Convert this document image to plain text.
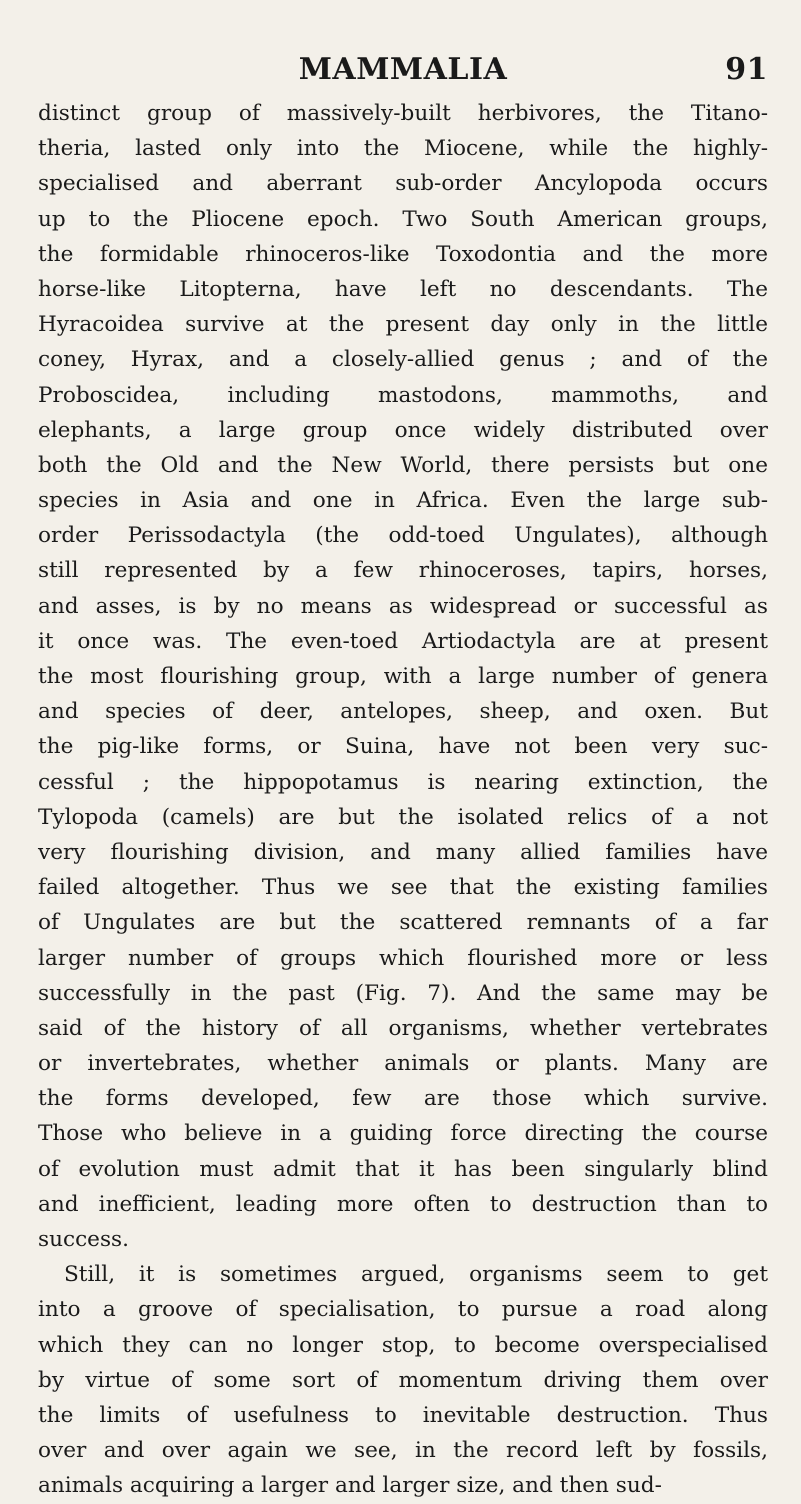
MAMMALIA	91
distinct group of massively-built herbivores, the Titano-
theria, lasted only into the Miocene, while the highly-
specialised and aberrant sub-order Ancylopoda occurs
up to the Pliocene epoch. Two South American groups,
the formidable rhinoceros-like Toxodontia and the more
horse-like Litopterna, have left no descendants. The
Hyracoidea survive at the present day only in the little
coney, Hyrax, and a closely-allied genus ; and of the
Proboscidea, including mastodons, mammoths, and
elephants, a large group once widely distributed over
both the Old and the New World, there persists but one
species in Asia and one in Africa. Even the large sub-
order Perissodactyla (the odd-toed Ungulates), although
still represented by a few rhinoceroses, tapirs, horses,
and asses, is by no means as widespread or successful as
it once was. The even-toed Artiodactyla are at present
the most flourishing group, with a large number of genera
and species of deer, antelopes, sheep, and oxen. But
the pig-like forms, or Suina, have not been very suc-
cessful ; the hippopotamus is nearing extinction, the
Tylopoda (camels) are but the isolated relics of a not
very flourishing division, and many allied families have
failed altogether. Thus we see that the existing families
of Ungulates are but the scattered remnants of a far
larger number of groups which flourished more or less
successfully in the past (Fig. 7). And the same may be
said of the history of all organisms, whether vertebrates
or invertebrates, whether animals or plants. Many are
the forms developed, few are those which survive.
Those who believe in a guiding force directing the course
of evolution must admit that it has been singularly blind
and inefficient, leading more often to destruction than to
success.
Still, it is sometimes argued, organisms seem to get
into a groove of specialisation, to pursue a road along
which they can no longer stop, to become overspecialised
by virtue of some sort of momentum driving them over
the limits of usefulness to inevitable destruction. Thus
over and over again we see, in the record left by fossils,
animals acquiring a larger and larger size, and then sud-
